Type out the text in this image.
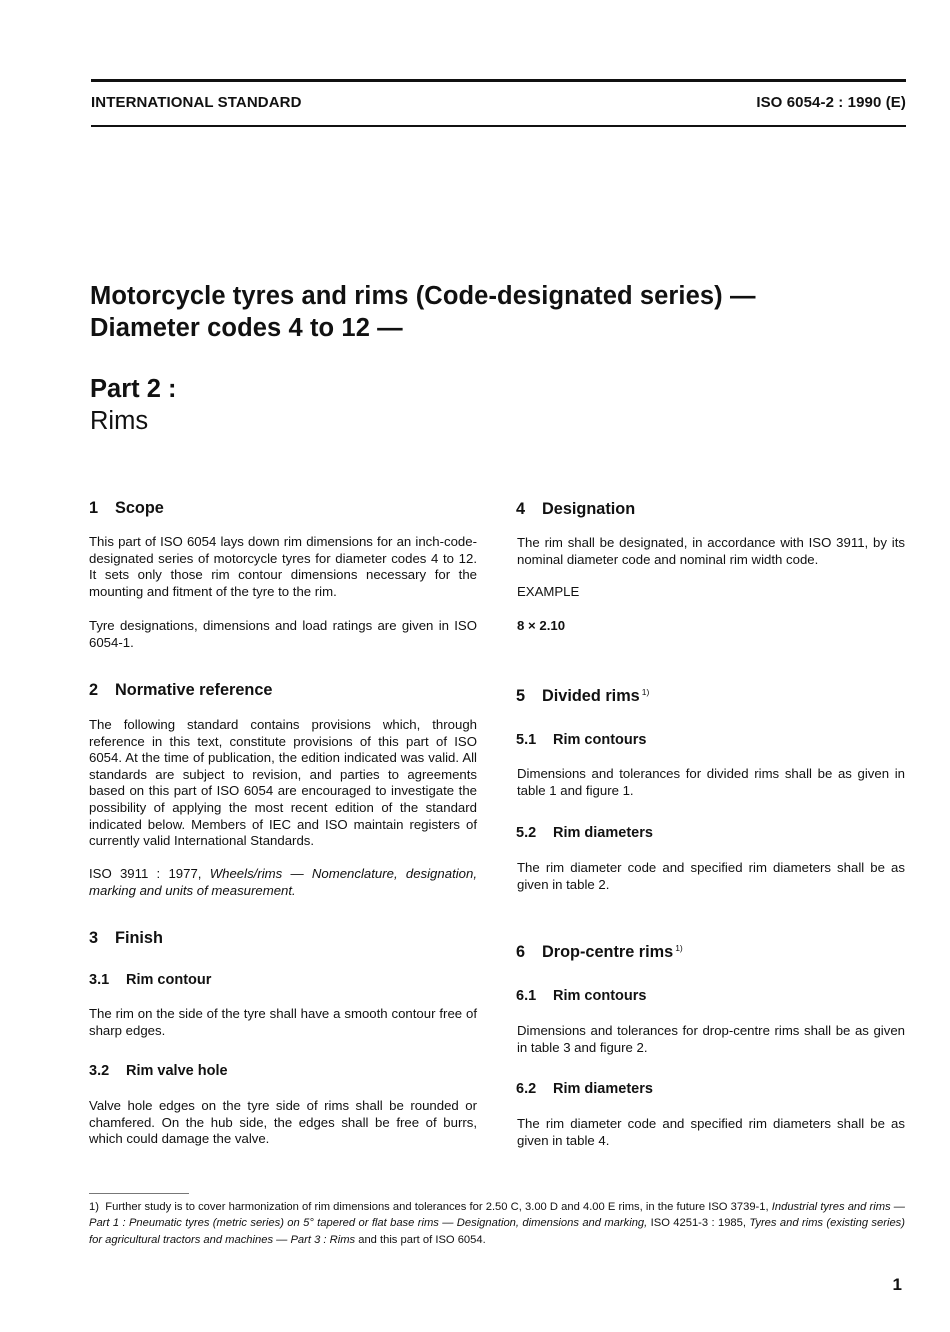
INTERNATIONAL STANDARD	ISO 6054-2 : 1990 (E)
Motorcycle tyres and rims (Code-designated series) —
Diameter codes 4 to 12 —
Part 2 :
Rims
1 Scope
This part of ISO 6054 lays down rim dimensions for an inch-code-designated series of motorcycle tyres for diameter codes 4 to 12. It sets only those rim contour dimensions necessary for the mounting and fitment of the tyre to the rim.
Tyre designations, dimensions and load ratings are given in ISO 6054-1.
2 Normative reference
The following standard contains provisions which, through reference in this text, constitute provisions of this part of ISO 6054. At the time of publication, the edition indicated was valid. All standards are subject to revision, and parties to agreements based on this part of ISO 6054 are encouraged to investigate the possibility of applying the most recent edition of the standard indicated below. Members of IEC and ISO maintain registers of currently valid International Standards.
ISO 3911 : 1977, Wheels/rims — Nomenclature, designation, marking and units of measurement.
3 Finish
3.1 Rim contour
The rim on the side of the tyre shall have a smooth contour free of sharp edges.
3.2 Rim valve hole
Valve hole edges on the tyre side of rims shall be rounded or chamfered. On the hub side, the edges shall be free of burrs, which could damage the valve.
4 Designation
The rim shall be designated, in accordance with ISO 3911, by its nominal diameter code and nominal rim width code.
EXAMPLE
8 × 2.10
5 Divided rims $^{1)}$
5.1 Rim contours
Dimensions and tolerances for divided rims shall be as given in table 1 and figure 1.
5.2 Rim diameters
The rim diameter code and specified rim diameters shall be as given in table 2.
6 Drop-centre rims $^{1)}$
6.1 Rim contours
Dimensions and tolerances for drop-centre rims shall be as given in table 3 and figure 2.
6.2 Rim diameters
The rim diameter code and specified rim diameters shall be as given in table 4.
1) Further study is to cover harmonization of rim dimensions and tolerances for 2.50 C, 3.00 D and 4.00 E rims, in the future ISO 3739-1, Industrial tyres and rims — Part 1 : Pneumatic tyres (metric series) on 5° tapered or flat base rims — Designation, dimensions and marking, ISO 4251-3 : 1985, Tyres and rims (existing series) for agricultural tractors and machines — Part 3 : Rims and this part of ISO 6054.
1
